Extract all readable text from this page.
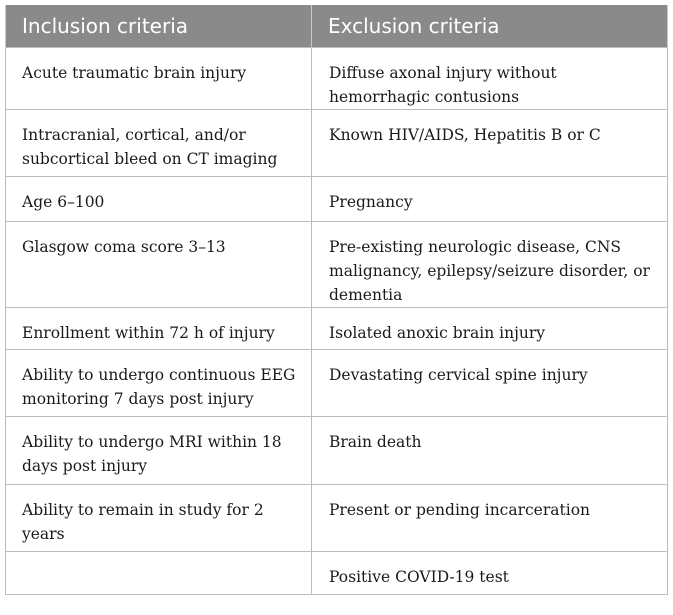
Inclusion criteria	Exclusion criteria
Acute traumatic brain injury	Diffuse axonal injury without hemorrhagic contusions
Intracranial, cortical, and/or subcortical bleed on CT imaging	Known HIV/AIDS, Hepatitis B or C
Age 6–100	Pregnancy
Glasgow coma score 3–13	Pre-existing neurologic disease, CNS malignancy, epilepsy/seizure disorder, or dementia
Enrollment within 72 h of injury	Isolated anoxic brain injury
Ability to undergo continuous EEG monitoring 7 days post injury	Devastating cervical spine injury
Ability to undergo MRI within 18 days post injury	Brain death
Ability to remain in study for 2 years	Present or pending incarceration
	Positive COVID-19 test
